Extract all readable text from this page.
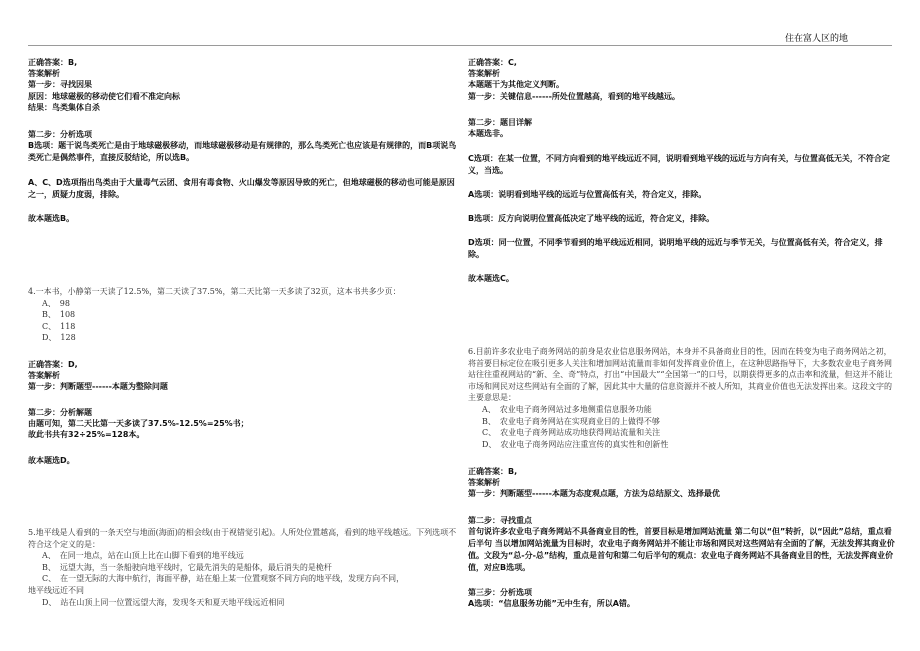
住在富人区的地
正确答案：B,
答案解析
第一步：寻找因果
原因：地球磁极的移动使它们看不准定向标
结果：鸟类集体自杀
第二步：分析选项
B选项：题干说鸟类死亡是由于地球磁极移动，而地球磁极移动是有规律的，那么鸟类死亡也应该是有规律的，而B项说鸟类死亡是偶然事件，直接反驳结论，所以选B。
A、C、D选项指出鸟类由于大量毒气云团、食用有毒食物、火山爆发等原因导致的死亡，但地球磁极的移动也可能是原因之一，质疑力度弱，排除。
故本题选B。
4.一本书，小静第一天读了12.5%，第二天读了37.5%，第二天比第一天多读了32页，这本书共多少页：
A、　98
B、　108
C、　118
D、　128
正确答案：D,
答案解析
第一步：判断题型------本题为整除问题
第二步：分析解题
由题可知，第二天比第一天多读了37.5%-12.5%=25%书；
故此书共有32÷25%=128本。
故本题选D。
5.地平线是人看到的一条天空与地面(海面)的相会线(由于视错觉引起)。人所处位置越高，看到的地平线越远。下列选项不符合这个定义的是：
A、　在同一地点，站在山顶上比在山脚下看到的地平线远
B、　远望大海，当一条船驶向地平线时，它最先消失的是船体，最后消失的是桅杆
C、　在一望无际的大海中航行，海面平静，站在船上某一位置观察不同方向的地平线，发现方向不同，
地平线远近不同
D、　站在山顶上同一位置远望大海，发现冬天和夏天地平线远近相同
正确答案：C,
答案解析
本题题干为其他定义判断。
第一步：关键信息------所处位置越高，看到的地平线越远。
第二步：题目详解
本题选非。
C选项：在某一位置，不同方向看到的地平线远近不同，说明看到地平线的远近与方向有关，与位置高低无关，不符合定义，当选。
A选项：说明看到地平线的远近与位置高低有关，符合定义，排除。
B选项：反方向说明位置高低决定了地平线的远近，符合定义，排除。
D选项：同一位置，不同季节看到的地平线远近相同，说明地平线的远近与季节无关，与位置高低有关，符合定义，排除。
故本题选C。
6.目前许多农业电子商务网站的前身是农业信息服务网站，本身并不具备商业目的性，因而在转变为电子商务网站之初，将首要目标定位在吸引更多人关注和增加网站流量而非如何发挥商业价值上，在这种思路指导下，大多数农业电子商务网站往往重视网站的“新、全、奇”特点，打出“中国最大”“全国第一”的口号，以期获得更多的点击率和流量，但这并不能让市场和网民对这些网站有全面的了解，因此其中大量的信息资源并不被人所知，其商业价值也无法发挥出来。这段文字的主要意思是：
A、　农业电子商务网站过多地侧重信息服务功能
B、　农业电子商务网站在实现商业目的上做得不够
C、　农业电子商务网站成功地获得网站流量和关注
D、　农业电子商务网站应注重宣传的真实性和创新性
正确答案：B,
答案解析
第一步：判断题型------本题为态度观点题，方法为总结原文、选择最优
第二步：寻找重点
首句说许多农业电子商务网站不具备商业目的性，首要目标是增加网站流量 第二句以“但”转折，以“因此”总结，重点看后半句 当以增加网站流量为目标时，农业电子商务网站并不能让市场和网民对这些网站有全面的了解，无法发挥其商业价值。文段为“总-分-总”结构，重点是首句和第二句后半句的观点：农业电子商务网站不具备商业目的性，无法发挥商业价值，对应B选项。
第三步：分析选项
A选项：“信息服务功能”无中生有，所以A错。
